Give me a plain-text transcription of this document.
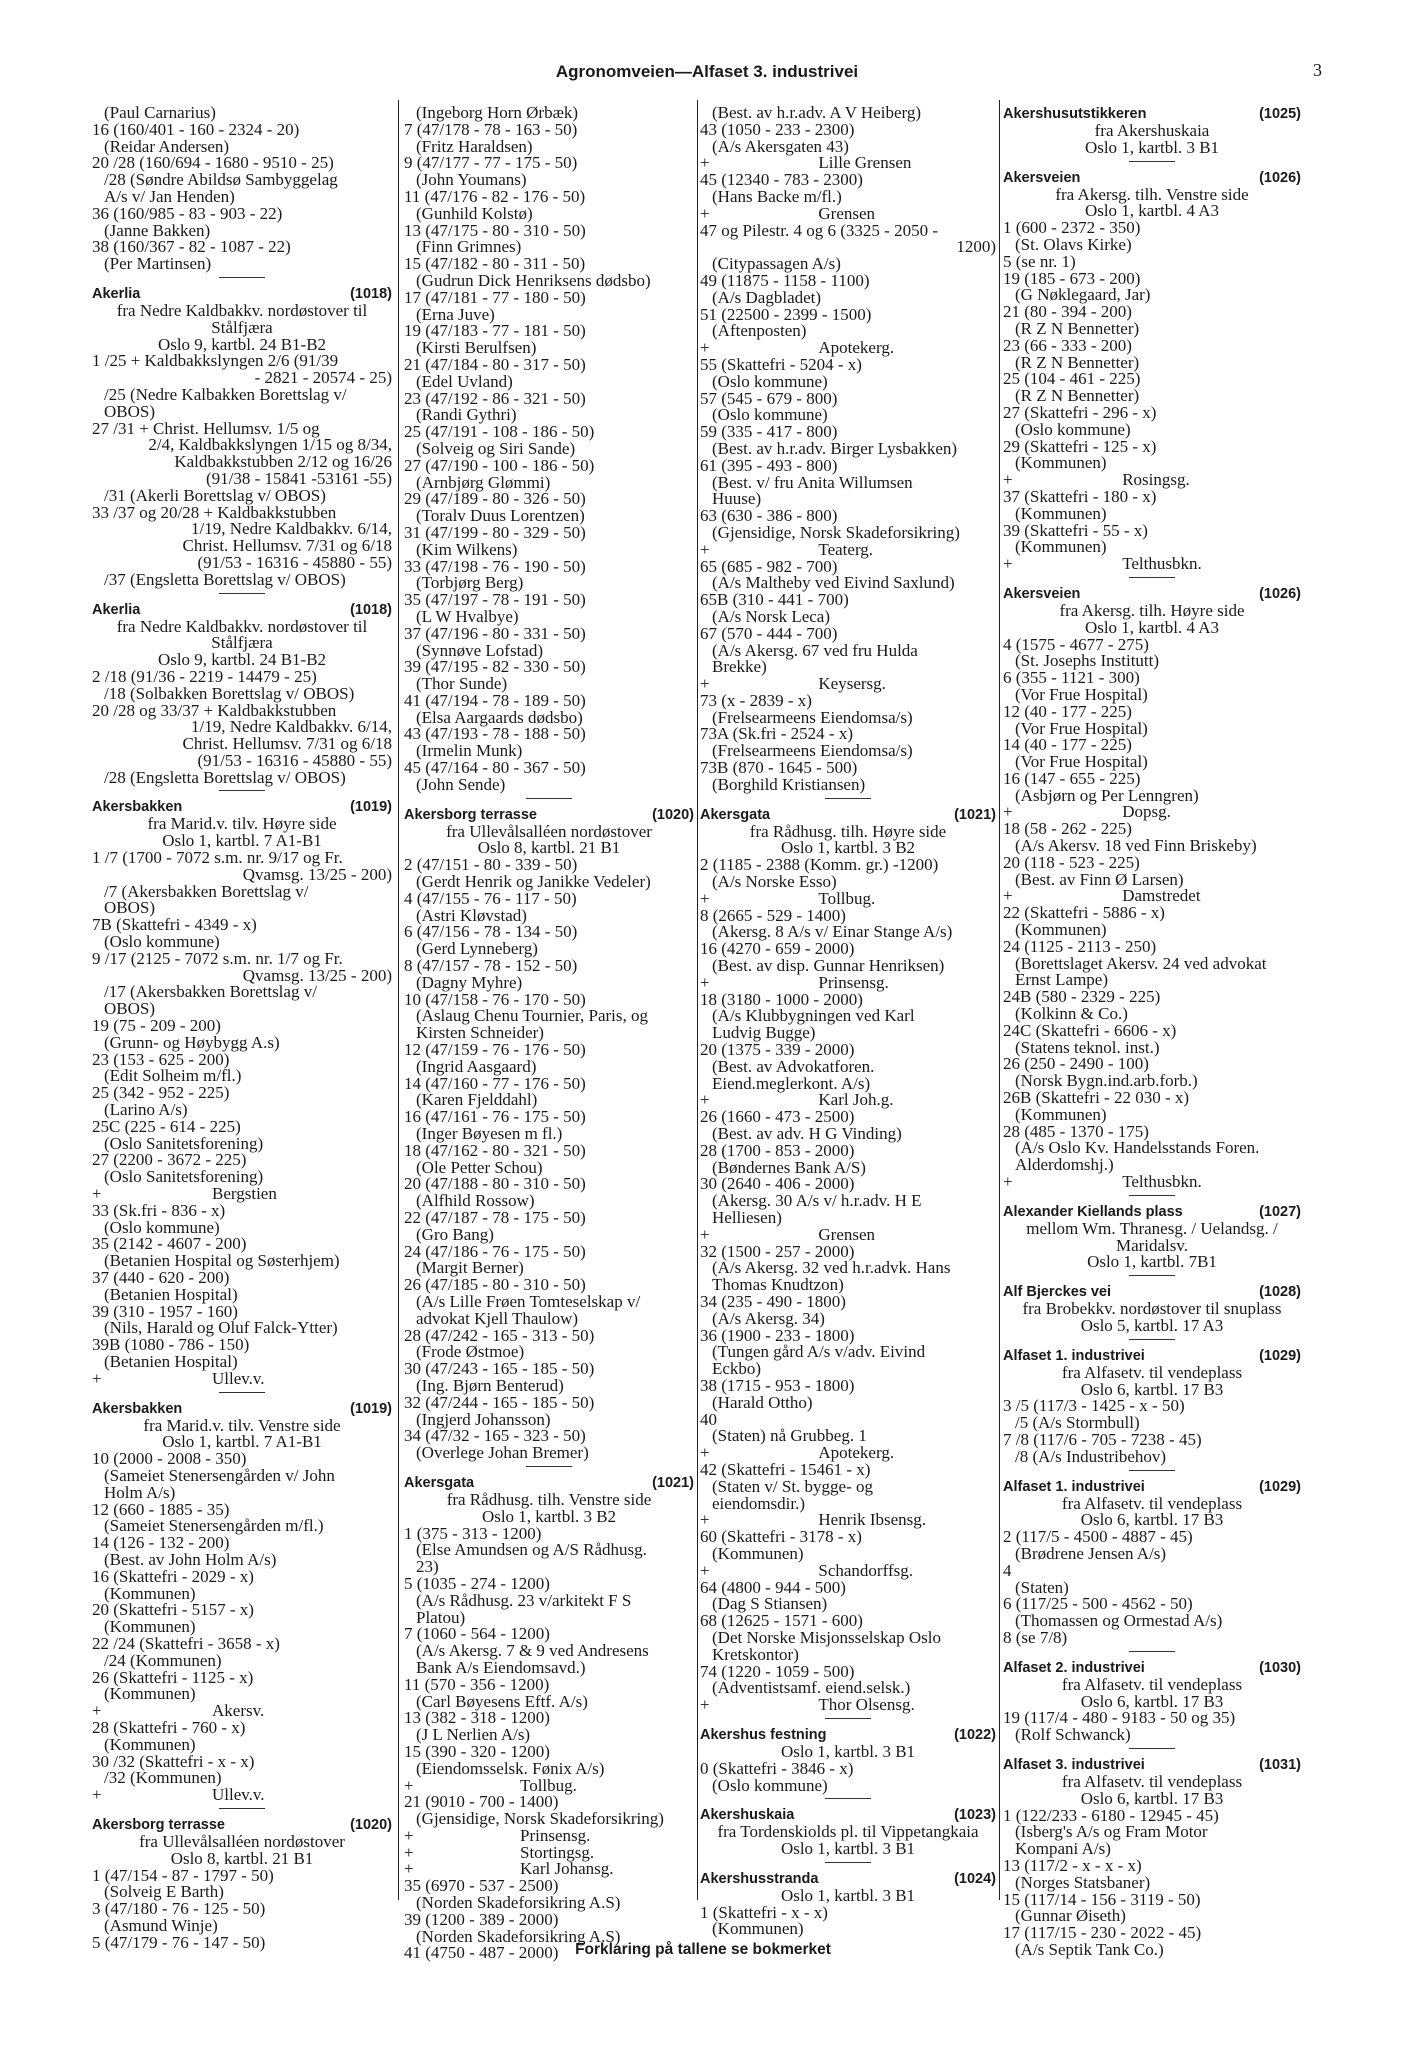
Agronomveien—Alfaset 3. industrivei	3
(Paul Carnarius)
16 (160/401 - 160 - 2324 - 20)
(Reidar Andersen)
20 /28 (160/694 - 1680 - 9510 - 25)
/28 (Søndre Abildsø Sambyggelag
A/s v/ Jan Henden)
36 (160/985 - 83 - 903 - 22)
(Janne Bakken)
38 (160/367 - 82 - 1087 - 22)
(Per Martinsen)
Akerlia	(1018)
fra Nedre Kaldbakkv. nordøstover til
Stålfjæra
Oslo 9, kartbl. 24 B1-B2
1 /25 + Kaldbakkslyngen 2/6 (91/39
- 2821 - 20574 - 25)
/25 (Nedre Kalbakken Borettslag v/
OBOS)
27 /31 + Christ. Hellumsv. 1/5 og
2/4, Kaldbakkslyngen 1/15 og 8/34,
Kaldbakkstubben 2/12 og 16/26
(91/38 - 15841 -53161 -55)
/31 (Akerli Borettslag v/ OBOS)
33 /37 og 20/28 + Kaldbakkstubben
1/19, Nedre Kaldbakkv. 6/14,
Christ. Hellumsv. 7/31 og 6/18
(91/53 - 16316 - 45880 - 55)
/37 (Engsletta Borettslag v/ OBOS)
Akerlia	(1018)
fra Nedre Kaldbakkv. nordøstover til
Stålfjæra
Oslo 9, kartbl. 24 B1-B2
2 /18 (91/36 - 2219 - 14479 - 25)
/18 (Solbakken Borettslag v/ OBOS)
20 /28 og 33/37 + Kaldbakkstubben
1/19, Nedre Kaldbakkv. 6/14,
Christ. Hellumsv. 7/31 og 6/18
(91/53 - 16316 - 45880 - 55)
/28 (Engsletta Borettslag v/ OBOS)
Akersbakken	(1019)
fra Marid.v. tilv. Høyre side
Oslo 1, kartbl. 7 A1-B1
1 /7 (1700 - 7072 s.m. nr. 9/17 og Fr.
Qvamsg. 13/25 - 200)
/7 (Akersbakken Borettslag v/
OBOS)
7B (Skattefri - 4349 - x)
(Oslo kommune)
9 /17 (2125 - 7072 s.m. nr. 1/7 og Fr.
Qvamsg. 13/25 - 200)
/17 (Akersbakken Borettslag v/
OBOS)
19 (75 - 209 - 200)
(Grunn- og Høybygg A.s)
23 (153 - 625 - 200)
(Edit Solheim m/fl.)
25 (342 - 952 - 225)
(Larino A/s)
25C (225 - 614 - 225)
(Oslo Sanitetsforening)
27 (2200 - 3672 - 225)
(Oslo Sanitetsforening)
+	Bergstien
33 (Sk.fri - 836 - x)
(Oslo kommune)
35 (2142 - 4607 - 200)
(Betanien Hospital og Søsterhjem)
37 (440 - 620 - 200)
(Betanien Hospital)
39 (310 - 1957 - 160)
(Nils, Harald og Oluf Falck-Ytter)
39B (1080 - 786 - 150)
(Betanien Hospital)
+	Ullev.v.
Akersbakken	(1019)
fra Marid.v. tilv. Venstre side
Oslo 1, kartbl. 7 A1-B1
10 (2000 - 2008 - 350)
(Sameiet Stenersengården v/ John
Holm A/s)
12 (660 - 1885 - 35)
(Sameiet Stenersengården m/fl.)
14 (126 - 132 - 200)
(Best. av John Holm A/s)
16 (Skattefri - 2029 - x)
(Kommunen)
20 (Skattefri - 5157 - x)
(Kommunen)
22 /24 (Skattefri - 3658 - x)
/24 (Kommunen)
26 (Skattefri - 1125 - x)
(Kommunen)
+	Akersv.
28 (Skattefri - 760 - x)
(Kommunen)
30 /32 (Skattefri - x - x)
/32 (Kommunen)
+	Ullev.v.
Akersborg terrasse	(1020)
fra Ullevålsalléen nordøstover
Oslo 8, kartbl. 21 B1
1 (47/154 - 87 - 1797 - 50)
(Solveig E Barth)
3 (47/180 - 76 - 125 - 50)
(Asmund Winje)
5 (47/179 - 76 - 147 - 50)
(Ingeborg Horn Ørbæk)
7 (47/178 - 78 - 163 - 50)
(Fritz Haraldsen)
9 (47/177 - 77 - 175 - 50)
(John Youmans)
11 (47/176 - 82 - 176 - 50)
(Gunhild Kolstø)
13 (47/175 - 80 - 310 - 50)
(Finn Grimnes)
15 (47/182 - 80 - 311 - 50)
(Gudrun Dick Henriksens dødsbo)
17 (47/181 - 77 - 180 - 50)
(Erna Juve)
19 (47/183 - 77 - 181 - 50)
(Kirsti Berulfsen)
21 (47/184 - 80 - 317 - 50)
(Edel Uvland)
23 (47/192 - 86 - 321 - 50)
(Randi Gythri)
25 (47/191 - 108 - 186 - 50)
(Solveig og Siri Sande)
27 (47/190 - 100 - 186 - 50)
(Arnbjørg Glømmi)
29 (47/189 - 80 - 326 - 50)
(Toralv Duus Lorentzen)
31 (47/199 - 80 - 329 - 50)
(Kim Wilkens)
33 (47/198 - 76 - 190 - 50)
(Torbjørg Berg)
35 (47/197 - 78 - 191 - 50)
(L W Hvalbye)
37 (47/196 - 80 - 331 - 50)
(Synnøve Lofstad)
39 (47/195 - 82 - 330 - 50)
(Thor Sunde)
41 (47/194 - 78 - 189 - 50)
(Elsa Aargaards dødsbo)
43 (47/193 - 78 - 188 - 50)
(Irmelin Munk)
45 (47/164 - 80 - 367 - 50)
(John Sende)
Akersborg terrasse	(1020)
fra Ullevålsalléen nordøstover
Oslo 8, kartbl. 21 B1
2 (47/151 - 80 - 339 - 50)
(Gerdt Henrik og Janikke Vedeler)
4 (47/155 - 76 - 117 - 50)
(Astri Kløvstad)
6 (47/156 - 78 - 134 - 50)
(Gerd Lynneberg)
8 (47/157 - 78 - 152 - 50)
(Dagny Myhre)
10 (47/158 - 76 - 170 - 50)
(Aslaug Chenu Tournier, Paris, og
Kirsten Schneider)
12 (47/159 - 76 - 176 - 50)
(Ingrid Aasgaard)
14 (47/160 - 77 - 176 - 50)
(Karen Fjelddahl)
16 (47/161 - 76 - 175 - 50)
(Inger Bøyesen m fl.)
18 (47/162 - 80 - 321 - 50)
(Ole Petter Schou)
20 (47/188 - 80 - 310 - 50)
(Alfhild Rossow)
22 (47/187 - 78 - 175 - 50)
(Gro Bang)
24 (47/186 - 76 - 175 - 50)
(Margit Berner)
26 (47/185 - 80 - 310 - 50)
(A/s Lille Frøen Tomteselskap v/
advokat Kjell Thaulow)
28 (47/242 - 165 - 313 - 50)
(Frode Østmoe)
30 (47/243 - 165 - 185 - 50)
(Ing. Bjørn Benterud)
32 (47/244 - 165 - 185 - 50)
(Ingjerd Johansson)
34 (47/32 - 165 - 323 - 50)
(Overlege Johan Bremer)
Akersgata	(1021)
fra Rådhusg. tilh. Venstre side
Oslo 1, kartbl. 3 B2
1 (375 - 313 - 1200)
(Else Amundsen og A/S Rådhusg.
23)
5 (1035 - 274 - 1200)
(A/s Rådhusg. 23 v/arkitekt F S
Platou)
7 (1060 - 564 - 1200)
(A/s Akersg. 7 & 9 ved Andresens
Bank A/s Eiendomsavd.)
11 (570 - 356 - 1200)
(Carl Bøyesens Eftf. A/s)
13 (382 - 318 - 1200)
(J L Nerlien A/s)
15 (390 - 320 - 1200)
(Eiendomsselsk. Fønix A/s)
+	Tollbug.
21 (9010 - 700 - 1400)
(Gjensidige, Norsk Skadeforsikring)
+	Prinsensg.
+	Stortingsg.
+	Karl Johansg.
35 (6970 - 537 - 2500)
(Norden Skadeforsikring A.S)
39 (1200 - 389 - 2000)
(Norden Skadeforsikring A.S)
41 (4750 - 487 - 2000)
(Best. av h.r.adv. A V Heiberg)
43 (1050 - 233 - 2300)
(A/s Akersgaten 43)
+	Lille Grensen
45 (12340 - 783 - 2300)
(Hans Backe m/fl.)
+	Grensen
47 og Pilestr. 4 og 6 (3325 - 2050 -
1200)
(Citypassagen A/s)
49 (11875 - 1158 - 1100)
(A/s Dagbladet)
51 (22500 - 2399 - 1500)
(Aftenposten)
+	Apotekerg.
55 (Skattefri - 5204 - x)
(Oslo kommune)
57 (545 - 679 - 800)
(Oslo kommune)
59 (335 - 417 - 800)
(Best. av h.r.adv. Birger Lysbakken)
61 (395 - 493 - 800)
(Best. v/ fru Anita Willumsen
Huuse)
63 (630 - 386 - 800)
(Gjensidige, Norsk Skadeforsikring)
+	Teaterg.
65 (685 - 982 - 700)
(A/s Maltheby ved Eivind Saxlund)
65B (310 - 441 - 700)
(A/s Norsk Leca)
67 (570 - 444 - 700)
(A/s Akersg. 67 ved fru Hulda
Brekke)
+	Keysersg.
73 (x - 2839 - x)
(Frelsearmeens Eiendomsa/s)
73A (Sk.fri - 2524 - x)
(Frelsearmeens Eiendomsa/s)
73B (870 - 1645 - 500)
(Borghild Kristiansen)
Akersgata	(1021)
fra Rådhusg. tilh. Høyre side
Oslo 1, kartbl. 3 B2
2 (1185 - 2388 (Komm. gr.) -1200)
(A/s Norske Esso)
+	Tollbug.
8 (2665 - 529 - 1400)
(Akersg. 8 A/s v/ Einar Stange A/s)
16 (4270 - 659 - 2000)
(Best. av disp. Gunnar Henriksen)
+	Prinsensg.
18 (3180 - 1000 - 2000)
(A/s Klubbygningen ved Karl
Ludvig Bugge)
20 (1375 - 339 - 2000)
(Best. av Advokatforen.
Eiend.meglerkont. A/s)
+	Karl Joh.g.
26 (1660 - 473 - 2500)
(Best. av adv. H G Vinding)
28 (1700 - 853 - 2000)
(Bøndernes Bank A/S)
30 (2640 - 406 - 2000)
(Akersg. 30 A/s v/ h.r.adv. H E
Helliesen)
+	Grensen
32 (1500 - 257 - 2000)
(A/s Akersg. 32 ved h.r.advk. Hans
Thomas Knudtzon)
34 (235 - 490 - 1800)
(A/s Akersg. 34)
36 (1900 - 233 - 1800)
(Tungen gård A/s v/adv. Eivind
Eckbo)
38 (1715 - 953 - 1800)
(Harald Ottho)
40
(Staten) nå Grubbeg. 1
+	Apotekerg.
42 (Skattefri - 15461 - x)
(Staten v/ St. bygge- og
eiendomsdir.)
+	Henrik Ibsensg.
60 (Skattefri - 3178 - x)
(Kommunen)
+	Schandorffsg.
64 (4800 - 944 - 500)
(Dag S Stiansen)
68 (12625 - 1571 - 600)
(Det Norske Misjonsselskap Oslo
Kretskontor)
74 (1220 - 1059 - 500)
(Adventistsamf. eiend.selsk.)
+	Thor Olsensg.
Akershus festning	(1022)
Oslo 1, kartbl. 3 B1
0 (Skattefri - 3846 - x)
(Oslo kommune)
Akershuskaia	(1023)
fra Tordenskiolds pl. til Vippetangkaia
Oslo 1, kartbl. 3 B1
Akershusstranda	(1024)
Oslo 1, kartbl. 3 B1
1 (Skattefri - x - x)
(Kommunen)
Akershusutstikkeren	(1025)
fra Akershuskaia
Oslo 1, kartbl. 3 B1
Akersveien	(1026)
fra Akersg. tilh. Venstre side
Oslo 1, kartbl. 4 A3
1 (600 - 2372 - 350)
(St. Olavs Kirke)
5 (se nr. 1)
19 (185 - 673 - 200)
(G Nøklegaard, Jar)
21 (80 - 394 - 200)
(R Z N Bennetter)
23 (66 - 333 - 200)
(R Z N Bennetter)
25 (104 - 461 - 225)
(R Z N Bennetter)
27 (Skattefri - 296 - x)
(Oslo kommune)
29 (Skattefri - 125 - x)
(Kommunen)
+	Rosingsg.
37 (Skattefri - 180 - x)
(Kommunen)
39 (Skattefri - 55 - x)
(Kommunen)
+	Telthusbkn.
Akersveien	(1026)
fra Akersg. tilh. Høyre side
Oslo 1, kartbl. 4 A3
4 (1575 - 4677 - 275)
(St. Josephs Institutt)
6 (355 - 1121 - 300)
(Vor Frue Hospital)
12 (40 - 177 - 225)
(Vor Frue Hospital)
14 (40 - 177 - 225)
(Vor Frue Hospital)
16 (147 - 655 - 225)
(Asbjørn og Per Lenngren)
+	Dopsg.
18 (58 - 262 - 225)
(A/s Akersv. 18 ved Finn Briskeby)
20 (118 - 523 - 225)
(Best. av Finn Ø Larsen)
+	Damstredet
22 (Skattefri - 5886 - x)
(Kommunen)
24 (1125 - 2113 - 250)
(Borettslaget Akersv. 24 ved advokat
Ernst Lampe)
24B (580 - 2329 - 225)
(Kolkinn & Co.)
24C (Skattefri - 6606 - x)
(Statens teknol. inst.)
26 (250 - 2490 - 100)
(Norsk Bygn.ind.arb.forb.)
26B (Skattefri - 22 030 - x)
(Kommunen)
28 (485 - 1370 - 175)
(A/s Oslo Kv. Handelsstands Foren.
Alderdomshj.)
+	Telthusbkn.
Alexander Kiellands plass	(1027)
mellom Wm. Thranesg. / Uelandsg. /
Maridalsv.
Oslo 1, kartbl. 7B1
Alf Bjerckes vei	(1028)
fra Brobekkv. nordøstover til snuplass
Oslo 5, kartbl. 17 A3
Alfaset 1. industrivei	(1029)
fra Alfasetv. til vendeplass
Oslo 6, kartbl. 17 B3
3 /5 (117/3 - 1425 - x - 50)
/5 (A/s Stormbull)
7 /8 (117/6 - 705 - 7238 - 45)
/8 (A/s Industribehov)
Alfaset 1. industrivei	(1029)
fra Alfasetv. til vendeplass
Oslo 6, kartbl. 17 B3
2 (117/5 - 4500 - 4887 - 45)
(Brødrene Jensen A/s)
4
(Staten)
6 (117/25 - 500 - 4562 - 50)
(Thomassen og Ormestad A/s)
8 (se 7/8)
Alfaset 2. industrivei	(1030)
fra Alfasetv. til vendeplass
Oslo 6, kartbl. 17 B3
19 (117/4 - 480 - 9183 - 50 og 35)
(Rolf Schwanck)
Alfaset 3. industrivei	(1031)
fra Alfasetv. til vendeplass
Oslo 6, kartbl. 17 B3
1 (122/233 - 6180 - 12945 - 45)
(Isberg's A/s og Fram Motor
Kompani A/s)
13 (117/2 - x - x - x)
(Norges Statsbaner)
15 (117/14 - 156 - 3119 - 50)
(Gunnar Øiseth)
17 (117/15 - 230 - 2022 - 45)
(A/s Septik Tank Co.)
Forklaring på tallene se bokmerket
